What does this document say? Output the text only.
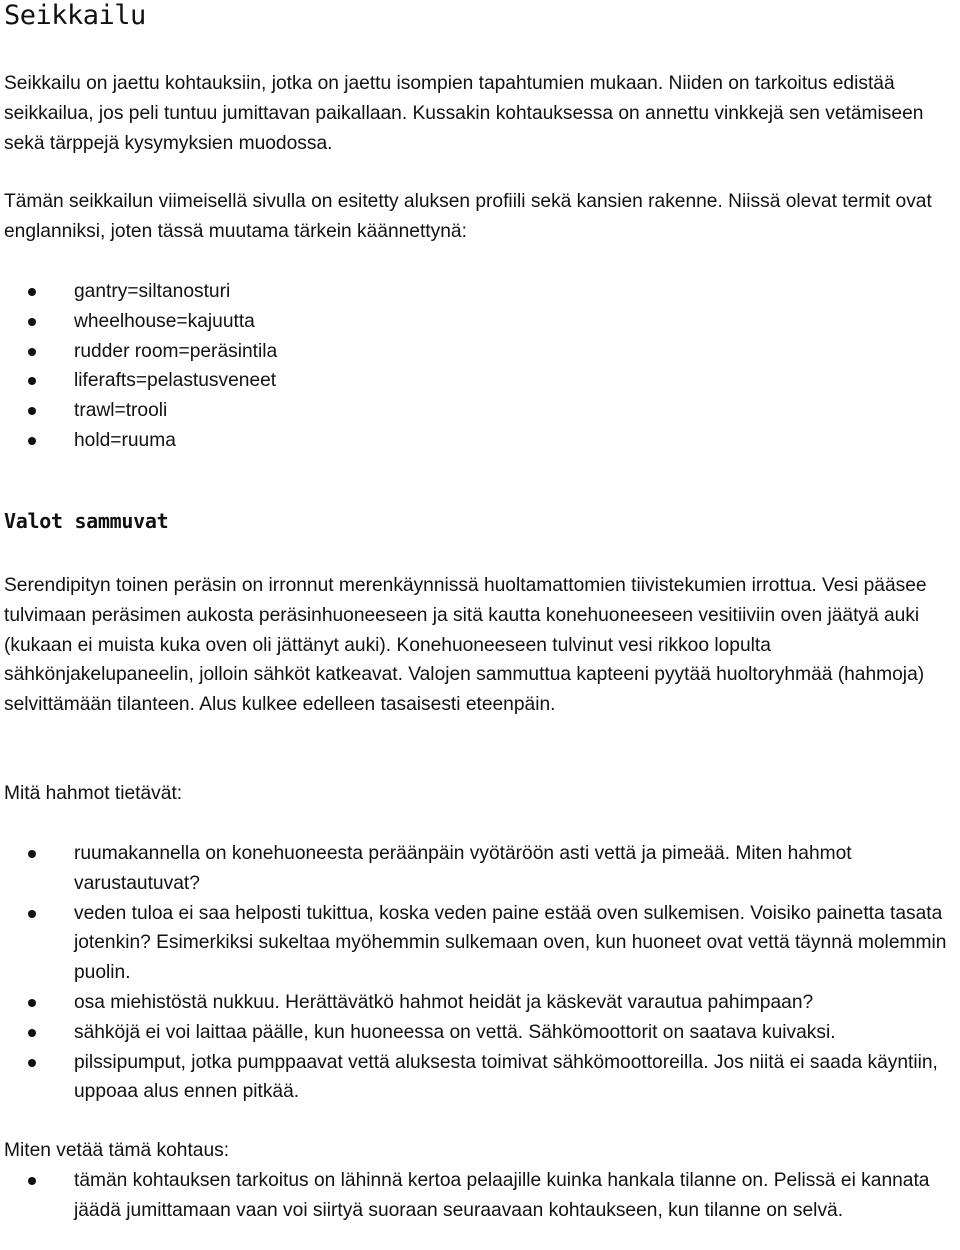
Seikkailu

Seikkailu on jaettu kohtauksiin, jotka on jaettu isompien tapahtumien mukaan. Niiden on tarkoitus edistää seikkailua, jos peli tuntuu jumittavan paikallaan. Kussakin kohtauksessa on annettu vinkkejä sen vetämiseen sekä tärppejä kysymyksien muodossa.

Tämän seikkailun viimeisellä sivulla on esitetty aluksen profiili sekä kansien rakenne. Niissä olevat termit ovat englanniksi, joten tässä muutama tärkein käännettynä:

gantry=siltanosturi
wheelhouse=kajuutta
rudder room=peräsintila
liferafts=pelastusveneet
trawl=trooli
hold=ruuma
Valot sammuvat

Serendipityn toinen peräsin on irronnut merenkäynnissä huoltamattomien tiivistekumien irrottua. Vesi pääsee tulvimaan peräsimen aukosta peräsinhuoneeseen ja sitä kautta konehuoneeseen vesitiiviin oven jäätyä auki (kukaan ei muista kuka oven oli jättänyt auki). Konehuoneeseen tulvinut vesi rikkoo lopulta sähkönjakelupaneelin, jolloin sähköt katkeavat. Valojen sammuttua kapteeni pyytää huoltoryhmää (hahmoja) selvittämään tilanteen. Alus kulkee edelleen tasaisesti eteenpäin.

Mitä hahmot tietävät:

ruumakannella on konehuoneesta peräänpäin vyötäröön asti vettä ja pimeää. Miten hahmot varustautuvat?
veden tuloa ei saa helposti tukittua, koska veden paine estää oven sulkemisen. Voisiko painetta tasata jotenkin? Esimerkiksi sukeltaa myöhemmin sulkemaan oven, kun huoneet ovat vettä täynnä molemmin puolin.
osa miehistöstä nukkuu. Herättävätkö hahmot heidät ja käskevät varautua pahimpaan?
sähköjä ei voi laittaa päälle, kun huoneessa on vettä. Sähkömoottorit on saatava kuivaksi.
pilssipumput, jotka pumppaavat vettä aluksesta toimivat sähkömoottoreilla. Jos niitä ei saada käyntiin, uppoaa alus ennen pitkää.

Miten vetää tämä kohtaus:

tämän kohtauksen tarkoitus on lähinnä kertoa pelaajille kuinka hankala tilanne on. Pelissä ei kannata jäädä jumittamaan vaan voi siirtyä suoraan seuraavaan kohtaukseen, kun tilanne on selvä.
